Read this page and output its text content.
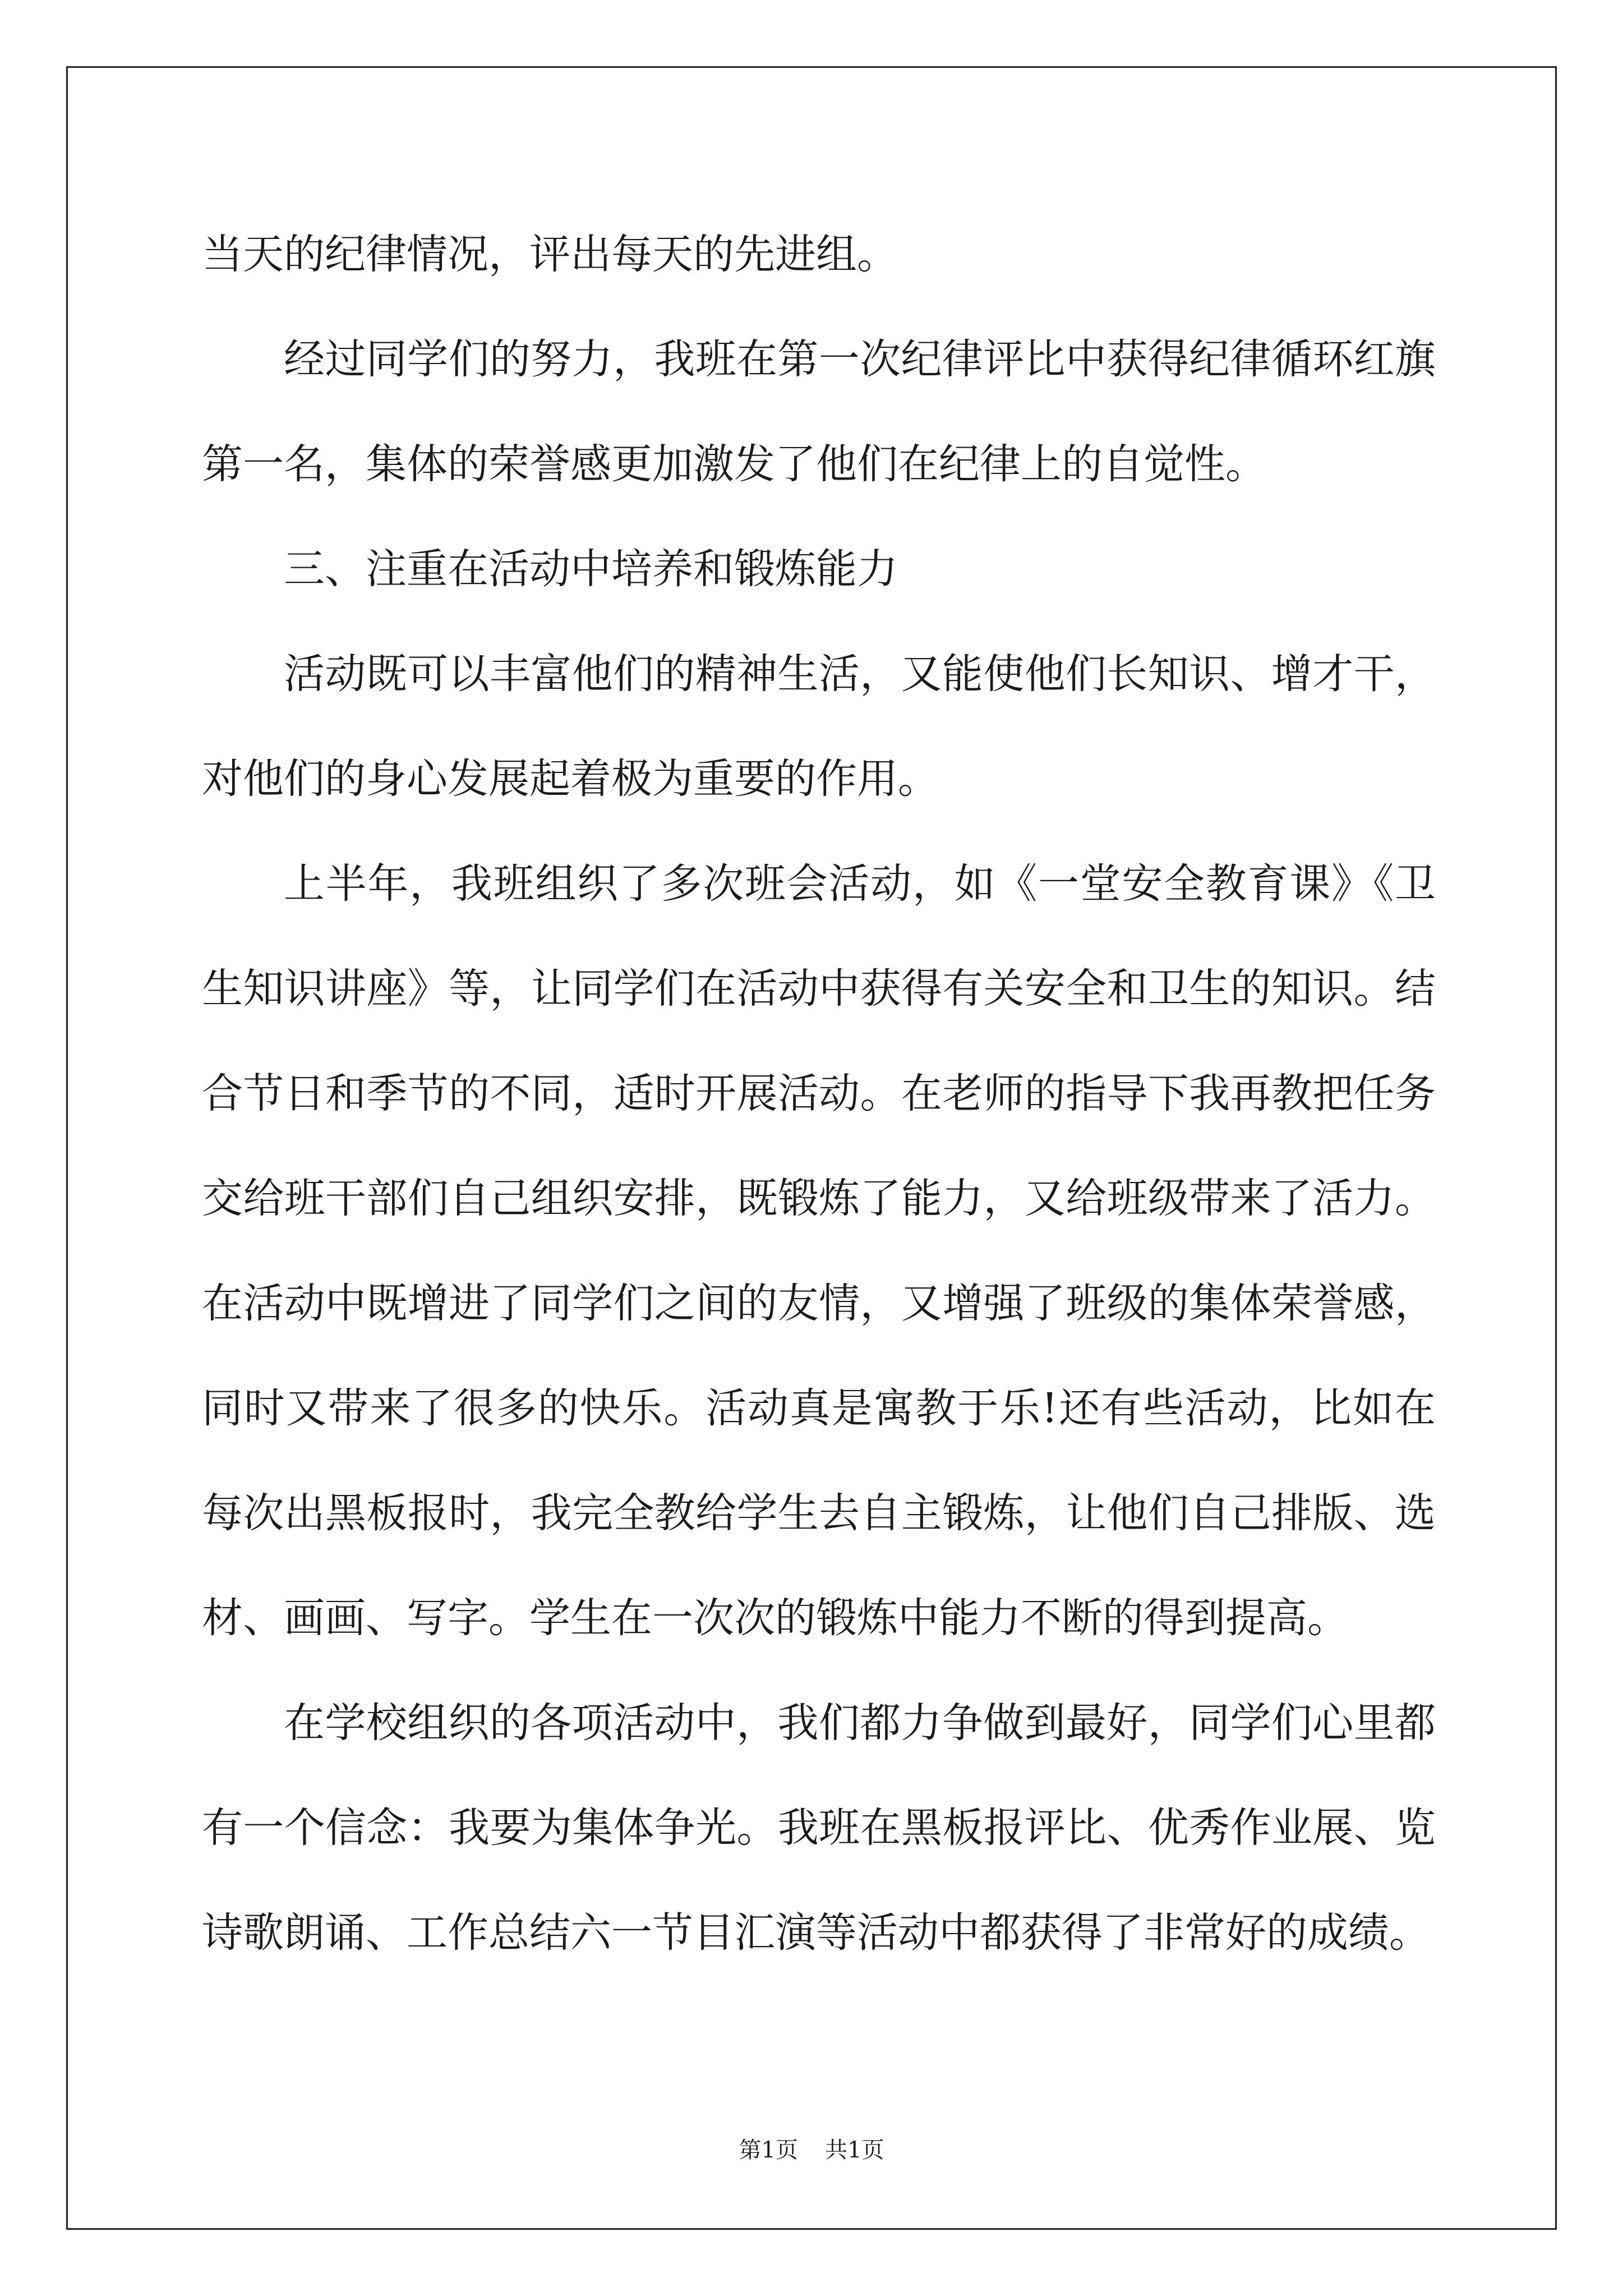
当天的纪律情况，评出每天的先进组。

经过同学们的努力，我班在第一次纪律评比中获得纪律循环红旗第一名，集体的荣誉感更加激发了他们在纪律上的自觉性。

三、注重在活动中培养和锻炼能力

活动既可以丰富他们的精神生活，又能使他们长知识、增才干，对他们的身心发展起着极为重要的作用。

上半年，我班组织了多次班会活动，如《一堂安全教育课》《卫生知识讲座》等，让同学们在活动中获得有关安全和卫生的知识。结合节日和季节的不同，适时开展活动。在老师的指导下我再教把任务交给班干部们自己组织安排，既锻炼了能力，又给班级带来了活力。在活动中既增进了同学们之间的友情，又增强了班级的集体荣誉感，同时又带来了很多的快乐。活动真是寓教于乐!还有些活动，比如在每次出黑板报时，我完全教给学生去自主锻炼，让他们自己排版、选材、画画、写字。学生在一次次的锻炼中能力不断的得到提高。

在学校组织的各项活动中，我们都力争做到最好，同学们心里都有一个信念：我要为集体争光。我班在黑板报评比、优秀作业展、览诗歌朗诵、工作总结六一节目汇演等活动中都获得了非常好的成绩。

第1页 共1页
